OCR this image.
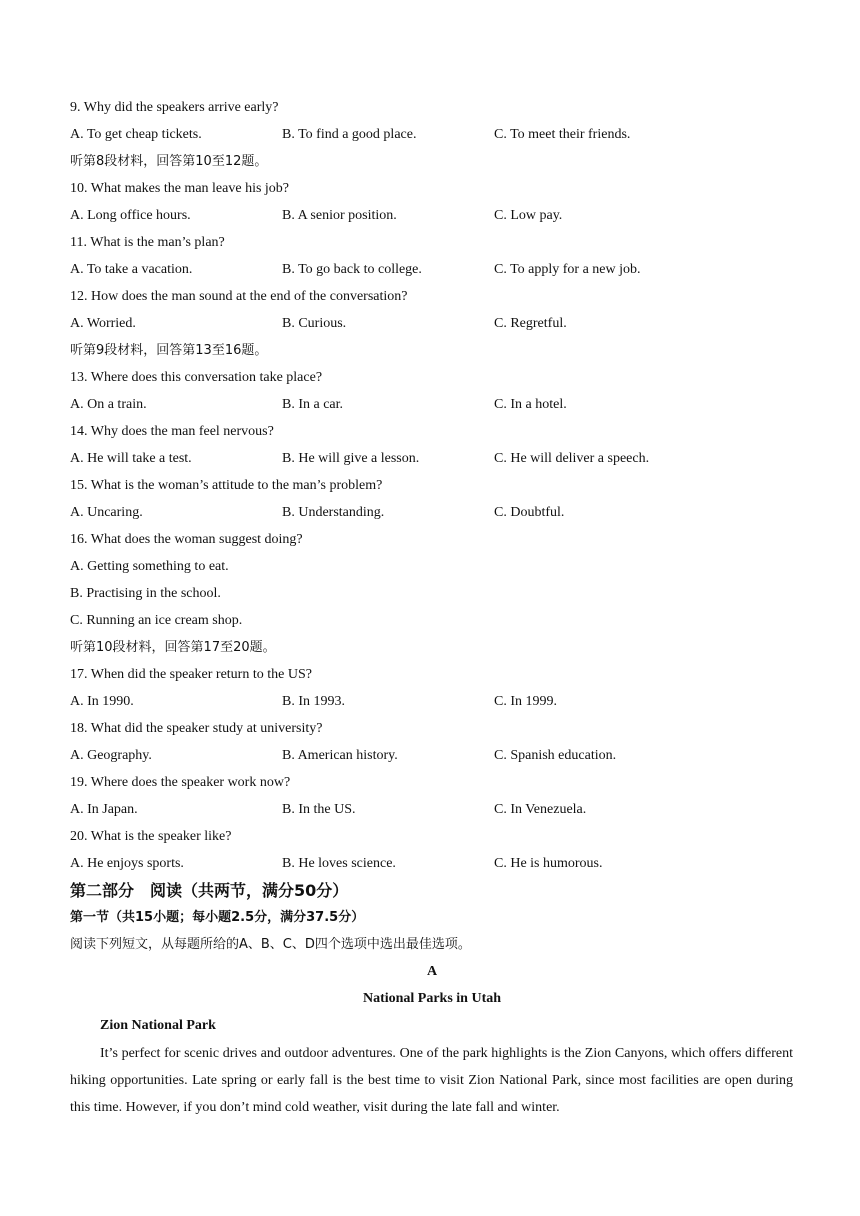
9. Why did the speakers arrive early?
A. To get cheap tickets.	B. To find a good place.	C. To meet their friends.
听第8段材料，回答第10至12题。
10. What makes the man leave his job?
A. Long office hours.	B. A senior position.	C. Low pay.
11. What is the man’s plan?
A. To take a vacation.	B. To go back to college.	C. To apply for a new job.
12. How does the man sound at the end of the conversation?
A. Worried.	B. Curious.	C. Regretful.
听第9段材料，回答第13至16题。
13. Where does this conversation take place?
A. On a train.	B. In a car.	C. In a hotel.
14. Why does the man feel nervous?
A. He will take a test.	B. He will give a lesson.	C. He will deliver a speech.
15. What is the woman’s attitude to the man’s problem?
A. Uncaring.	B. Understanding.	C. Doubtful.
16. What does the woman suggest doing?
A. Getting something to eat.
B. Practising in the school.
C. Running an ice cream shop.
听第10段材料，回答第17至20题。
17. When did the speaker return to the US?
A. In 1990.	B. In 1993.	C. In 1999.
18. What did the speaker study at university?
A. Geography.	B. American history.	C. Spanish education.
19. Where does the speaker work now?
A. In Japan.	B. In the US.	C. In Venezuela.
20. What is the speaker like?
A. He enjoys sports.	B. He loves science.	C. He is humorous.
第二部分　阅读（共两节，满分50分）
第一节（共15小题；每小题2.5分，满分37.5分）
阅读下列短文，从每题所给的A、B、C、D四个选项中选出最佳选项。
A
National Parks in Utah
Zion National Park
It’s perfect for scenic drives and outdoor adventures. One of the park highlights is the Zion Canyons, which offers different hiking opportunities. Late spring or early fall is the best time to visit Zion National Park, since most facilities are open during this time. However, if you don’t mind cold weather, visit during the late fall and winter.
